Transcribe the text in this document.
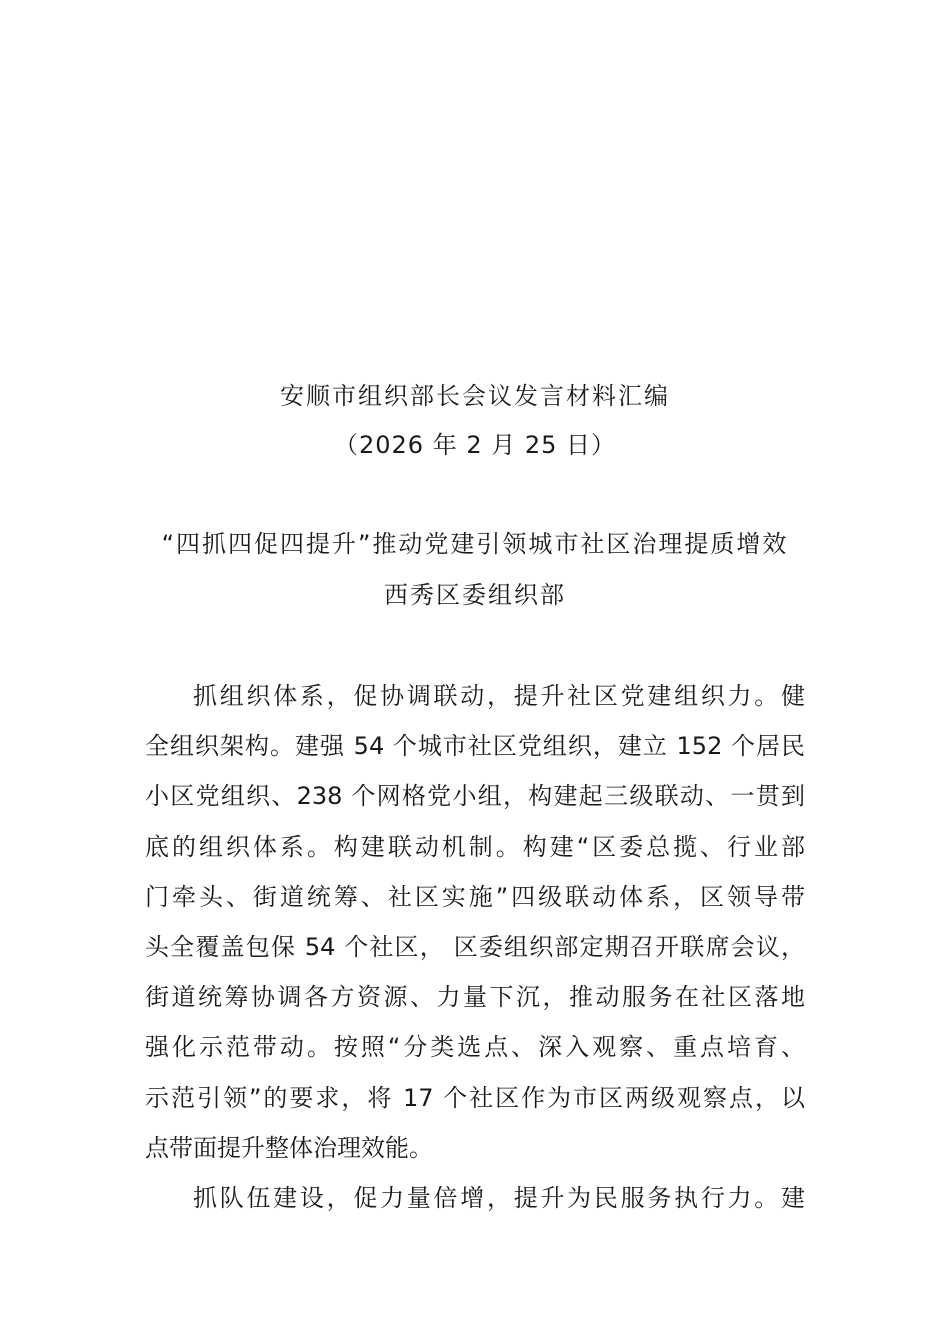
安顺市组织部长会议发言材料汇编
（2026 年 2 月 25 日）
“四抓四促四提升”推动党建引领城市社区治理提质增效
西秀区委组织部
抓组织体系，促协调联动，提升社区党建组织力。健
全组织架构。建强 54 个城市社区党组织，建立 152 个居民
小区党组织、238 个网格党小组，构建起三级联动、一贯到
底的组织体系。构建联动机制。构建“区委总揽、行业部
门牵头、街道统筹、社区实施”四级联动体系，区领导带
头全覆盖包保 54 个社区， 区委组织部定期召开联席会议，
街道统筹协调各方资源、力量下沉，推动服务在社区落地
强化示范带动。按照“分类选点、深入观察、重点培育、
示范引领”的要求，将 17 个社区作为市区两级观察点，以
点带面提升整体治理效能。
抓队伍建设，促力量倍增，提升为民服务执行力。建
